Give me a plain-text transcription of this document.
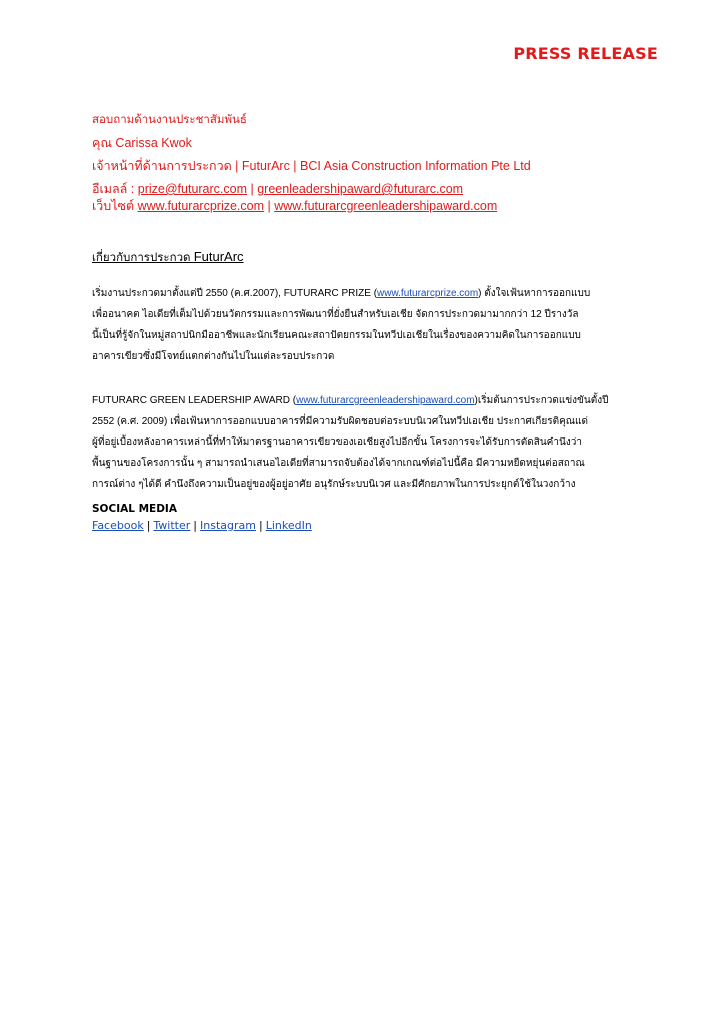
PRESS RELEASE
สอบถามด้านงานประชาสัมพันธ์
คุณ Carissa Kwok
เจ้าหน้าที่ด้านการประกวด | FuturArc | BCI Asia Construction Information Pte Ltd
อีเมลล์ : prize@futurarc.com | greenleadershipaward@futurarc.com
เว็บไซต์ www.futurarcprize.com | www.futurarcgreenleadershipaward.com
เกี่ยวกับการประกวด FuturArc
เริ่มงานประกวดมาตั้งแต่ปี 2550 (ค.ศ.2007), FUTURARC PRIZE (www.futurarcprize.com) ตั้งใจเฟ้นหาการออกแบบ
เพื่ออนาคต ไอเดียที่เต็มไปด้วยนวัตกรรมและการพัฒนาที่ยั่งยืนสำหรับเอเชีย จัดการประกวดมามากกว่า 12 ปีรางวัล
นี้เป็นที่รู้จักในหมู่สถาปนิกมืออาชีพและนักเรียนคณะสถาปัตยกรรมในทวีปเอเชียในเรื่องของความคิดในการออกแบบ
อาคารเขียวซึ่งมีโจทย์แตกต่างกันไปในแต่ละรอบประกวด
FUTURARC GREEN LEADERSHIP AWARD (www.futurarcgreenleadershipaward.com)เริ่มต้นการประกวดแข่งขันตั้งปี
2552 (ค.ศ. 2009) เพื่อเฟ้นหาการออกแบบอาคารที่มีความรับผิดชอบต่อระบบนิเวศในทวีปเอเชีย ประกาศเกียรติคุณแด่
ผู้ที่อยู่เบื้องหลังอาคารเหล่านี้ที่ทำให้มาตรฐานอาคารเขียวของเอเชียสูงไปอีกขั้น โครงการจะได้รับการตัดสินคำนึงว่า
พื้นฐานของโครงการนั้น ๆ สามารถนำเสนอไอเดียที่สามารถจับต้องได้จากเกณฑ์ต่อไปนี้คือ มีความหยืดหยุ่นต่อสถาณ
การณ์ต่าง ๆได้ดี คำนึงถึงความเป็นอยู่ของผู้อยู่อาศัย อนุรักษ์ระบบนิเวศ และมีศักยภาพในการประยุกต์ใช้ในวงกว้าง
SOCIAL MEDIA
Facebook | Twitter | Instagram | LinkedIn
